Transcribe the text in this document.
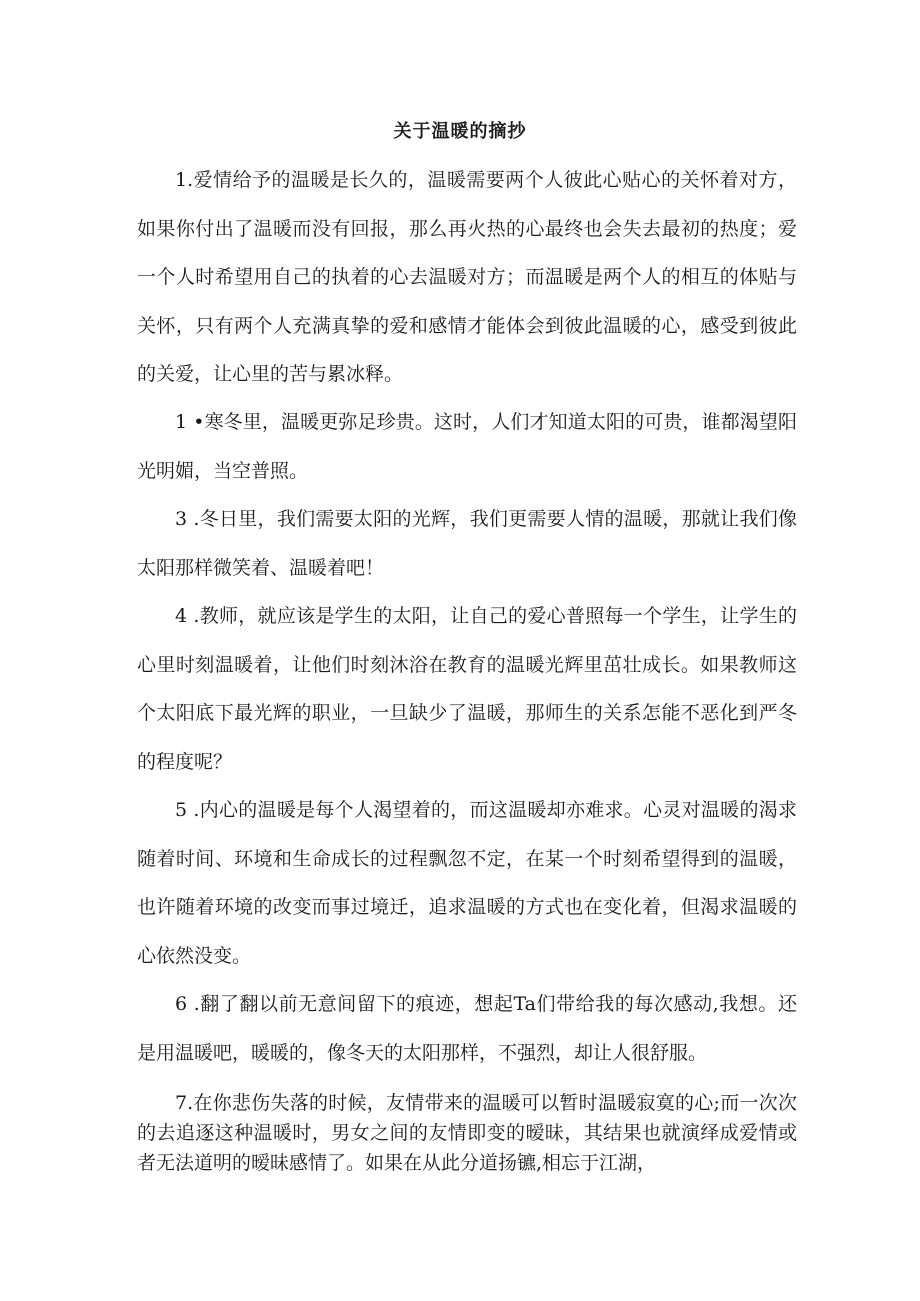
关于温暖的摘抄

1.爱情给予的温暖是长久的，温暖需要两个人彼此心贴心的关怀着对方，如果你付出了温暖而没有回报，那么再火热的心最终也会失去最初的热度；爱一个人时希望用自己的执着的心去温暖对方；而温暖是两个人的相互的体贴与关怀，只有两个人充满真挚的爱和感情才能体会到彼此温暖的心，感受到彼此的关爱，让心里的苦与累冰释。

1 •寒冬里，温暖更弥足珍贵。这时，人们才知道太阳的可贵，谁都渴望阳光明媚，当空普照。

3 .冬日里，我们需要太阳的光辉，我们更需要人情的温暖，那就让我们像太阳那样微笑着、温暖着吧！

4 .教师，就应该是学生的太阳，让自己的爱心普照每一个学生，让学生的心里时刻温暖着，让他们时刻沐浴在教育的温暖光辉里茁壮成长。如果教师这个太阳底下最光辉的职业，一旦缺少了温暖，那师生的关系怎能不恶化到严冬的程度呢？

5 .内心的温暖是每个人渴望着的，而这温暖却亦难求。心灵对温暖的渴求随着时间、环境和生命成长的过程飘忽不定，在某一个时刻希望得到的温暖，也许随着环境的改变而事过境迁，追求温暖的方式也在变化着，但渴求温暖的心依然没变。

6 .翻了翻以前无意间留下的痕迹，想起Ta们带给我的每次感动,我想。还是用温暖吧，暖暖的，像冬天的太阳那样，不强烈，却让人很舒服。

7.在你悲伤失落的时候，友情带来的温暖可以暂时温暖寂寞的心;而一次次的去追逐这种温暖时，男女之间的友情即变的暧昧，其结果也就演绎成爱情或者无法道明的暧昧感情了。如果在从此分道扬镳,相忘于江湖，
